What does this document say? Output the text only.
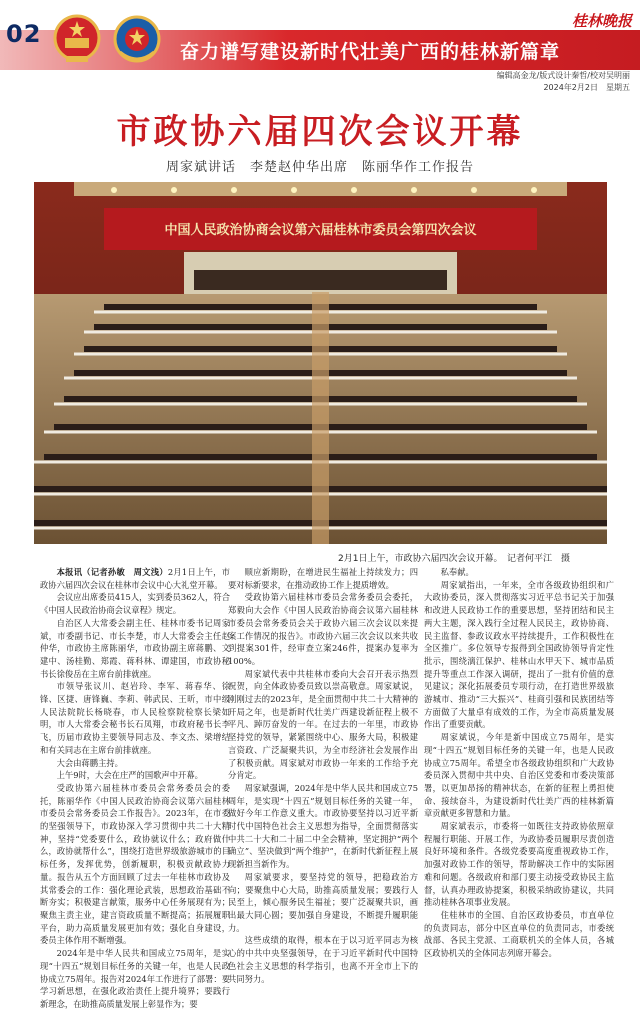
02
奋力谱写建设新时代壮美广西的桂林新篇章
桂林晚报
编辑高金龙/版式设计秦哲/校对吴明丽
2024年2月2日　星期五
市政协六届四次会议开幕
周家斌讲话　李楚赵仲华出席　陈丽华作工作报告
中国人民政治协商会议第六届桂林市委员会第四次会议
2月1日上午，市政协六届四次会议开幕。　记者何平江　摄

本报讯（记者孙敏　周文浅）2月1日上午，市政协六届四次会议在桂林市会议中心大礼堂开幕。

会议应出席委员415人，实到委员362人，符合《中国人民政治协商会议章程》规定。

自治区人大常委会副主任、桂林市委书记周家斌，市委副书记、市长李楚，市人大常委会主任赵仲华，市政协主席陈丽华，市政协副主席蒋鹏、文建中、汤桂勤、郑霞、蒋科林、谭建国，市政协秘书长徐俊岳在主席台前排就座。

市领导张议川、赵岩玲、李军、蒋春华、徐锋、区捷、唐锋巍、李莉、韩武民、王昕，市中级人民法院院长杨晓春，市人民检察院检察长梁如明，市人大常委会秘书长石凤翔，市政府秘书长李飞，历届市政协主要领导同志及、李文杰、梁增结和有关同志在主席台前排就座。

大会由蒋鹏主持。

上午9时，大会在庄严的国歌声中开幕。

受政协第六届桂林市委员会常务委员会的委托，陈丽华作《中国人民政治协商会议第六届桂林市委员会常务委员会工作报告》。2023年，在市委的坚强领导下，市政协深入学习贯彻中共二十大精神，坚持“党委要什么，政协就议什么；政府做什么，政协就帮什么”，围绕打造世界级旅游城市的目标任务，发挥优势，创新履职，积极贡献政协力量。报告从五个方面回顾了过去一年桂林市政协及其常委会的工作：强化理论武装，思想政治基础不断夯实；积极建言献策，服务中心任务展现有为；聚焦主责主业，建言资政质量不断提高；拓展履职平台，助力高质量发展更加有效；强化自身建设，委员主体作用不断增强。

2024年是中华人民共和国成立75周年，是实现“十四五”规划目标任务的关键一年，也是人民政协成立75周年。报告对2024年工作进行了部署：要学习新思想，在强化政治责任上提升境界；要践行新理念，在助推高质量发展上彰显作为；要

顺应新期盼，在增进民生福祉上持续发力；四要对标新要求，在推动政协工作上提质增效。

受政协第六届桂林市委员会常务委员会委托，郑毅向大会作《中国人民政治协商会议第六届桂林市委员会常务委员会关于政协六届三次会议以来提案工作情况的报告》。市政协六届三次会议以来共收到提案301件，经审查立案246件，提案办复率为100%。

周家斌代表中共桂林市委向大会召开表示热烈祝贺，向全体政协委员致以崇高敬意。周家斌说，刚刚过去的2023年，是全面贯彻中共二十大精神的开局之年，也是新时代壮美广西建设新征程上极不平凡、踔厉奋发的一年。在过去的一年里，市政协坚持党的领导，紧紧围绕中心、服务大局，积极建言资政、广泛凝聚共识，为全市经济社会发展作出了积极贡献。周家斌对市政协一年来的工作给予充分肯定。

周家斌强调，2024年是中华人民共和国成立75周年，是实现“十四五”规划目标任务的关键一年，做好今年工作意义重大。市政协要坚持以习近平新时代中国特色社会主义思想为指导，全面贯彻落实中共二十大和二十届二中全会精神，坚定拥护“两个确立”、坚决做到“两个维护”，在新时代新征程上展现新担当新作为。

周家斌要求，要坚持党的领导，把稳政治方向；要聚焦中心大局，助推高质量发展；要践行人民至上，倾心服务民生福祉；要广泛凝聚共识，画出最大同心圆；要加强自身建设，不断提升履职能力。

这些成绩的取得，根本在于以习近平同志为核心的中共中央坚强领导，在于习近平新时代中国特色社会主义思想的科学指引，也离不开全市上下的共同努力。

私奉献。

周家斌指出，一年来，全市各级政协组织和广大政协委员，深入贯彻落实习近平总书记关于加强和改进人民政协工作的重要思想，坚持团结和民主两大主题，深入践行全过程人民民主，政协协商、民主监督、参政议政水平持续提升，工作积极性在全区推广。多位领导专报得到全国政协领导肯定性批示，围绕漓江保护、桂林山水甲天下、城市品质提升等重点工作深入调研，提出了一批有价值的意见建议；深化拓展委员专项行动，在打造世界级旅游城市、推动“三大振兴”、桂商引强和民族团结等方面做了大量卓有成效的工作，为全市高质量发展作出了重要贡献。

周家斌说，今年是新中国成立75周年，是实现“十四五”规划目标任务的关键一年，也是人民政协成立75周年。希望全市各级政协组织和广大政协委员深入贯彻中共中央、自治区党委和市委决策部署，以更加昂扬的精神状态，在新的征程上勇担使命、接续奋斗，为建设新时代壮美广西的桂林新篇章贡献更多智慧和力量。

周家斌表示，市委将一如既往支持政协依照章程履行职能、开展工作，为政协委员履职尽责创造良好环境和条件。各级党委要高度重视政协工作，加强对政协工作的领导，帮助解决工作中的实际困难和问题。各级政府和部门要主动接受政协民主监督，认真办理政协提案，积极采纳政协建议，共同推动桂林各项事业发展。

住桂林市的全国、自治区政协委员，市直单位的负责同志，部分中区直单位的负责同志，市委统战部、各民主党派、工商联机关的全体人员，各城区政协机关的全体同志列席开幕会。
